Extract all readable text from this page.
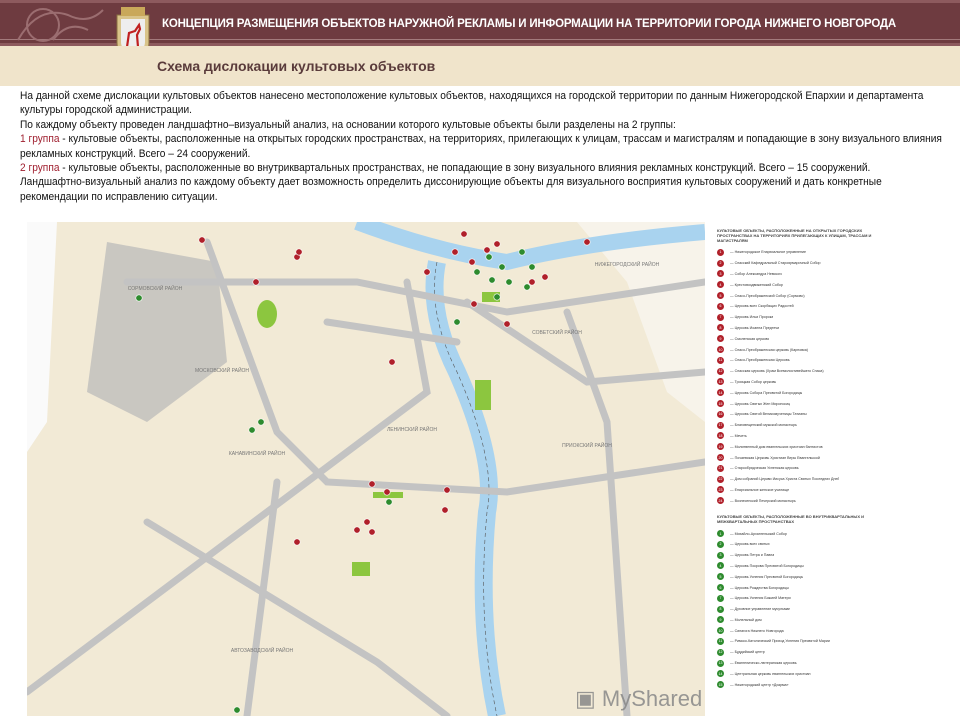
КОНЦЕПЦИЯ РАЗМЕЩЕНИЯ ОБЪЕКТОВ НАРУЖНОЙ РЕКЛАМЫ И ИНФОРМАЦИИ НА ТЕРРИТОРИИ ГОРОДА НИЖНЕГО НОВГОРОДА
Схема дислокации культовых объектов
На данной схеме дислокации культовых объектов нанесено местоположение культовых объектов, находящихся на городской территории по данным Нижегородской Епархии и департамента культуры городской администрации.
По каждому объекту проведен ландшафтно–визуальный анализ, на основании которого культовые объекты были разделены на 2 группы:
1 группа - культовые объекты, расположенные на открытых городских пространствах, на территориях, прилегающих к улицам, трассам и магистралям и попадающие в зону визуального влияния рекламных конструкций. Всего – 24 сооружений.
2 группа - культовые объекты, расположенные во внутриквартальных пространствах, не попадающие в зону визуального влияния рекламных конструкций. Всего – 15 сооружений.
Ландшафтно-визуальный анализ по каждому объекту дает возможность определить диссонирующие объекты для визуального восприятия культовых сооружений и дать конкретные рекомендации по исправлению ситуации.
СОРМОВСКИЙ РАЙОН
МОСКОВСКИЙ РАЙОН
КАНАВИНСКИЙ РАЙОН
ЛЕНИНСКИЙ РАЙОН
АВТОЗАВОДСКИЙ РАЙОН
НИЖЕГОРОДСКИЙ РАЙОН
СОВЕТСКИЙ РАЙОН
ПРИОКСКИЙ РАЙОН
КУЛЬТОВЫЕ ОБЪЕКТЫ, РАСПОЛОЖЕННЫЕ НА ОТКРЫТЫХ ГОРОДСКИХ ПРОСТРАНСТВАХ НА ТЕРРИТОРИЯХ ПРИЛЕГАЮЩИХ К УЛИЦАМ, ТРАССАМ И МАГИСТРАЛЯМ
1	— Нижегородское Епархиальное управление
2	— Спасский Кафедральный Староярмарочный Собор
3	— Собор Александра Невского
4	— Крестовоздвиженский Собор
5	— Спасо-Преображенский Собор (Сормово)
6	— Церковь всех Скорбящих Радостей
7	— Церковь Ильи Пророка
8	— Церковь Иоанна Предтечи
9	— Смоленская церковь
10	— Спасо-Преображенская церковь (Карповка)
11	— Спасо-Преображенская Церковь
12	— Спасская церковь (Храм Всемилостивейшего Спаса)
13	— Троицкая Собор церковь
14	— Церковь Собора Пресвятой Богородицы
15	— Церковь Святых Жен Мироносиц
16	— Церковь Святой Великомученицы Татианы
17	— Благовещенский мужской монастырь
18	— Мечеть
19	— Молитвенный дом евангельских христиан баптистов
20	— Почаевская Церковь Христиан Веры Евангельской
21	— Старообрядческая Успенская церковь
22	— Дом собраний Церкви Иисуса Христа Святых Последних Дней
23	— Епархиальное женское училище
24	— Вознесенский Печерский монастырь
КУЛЬТОВЫЕ ОБЪЕКТЫ, РАСПОЛОЖЕННЫЕ ВО ВНУТРИКВАРТАЛЬНЫХ И МЕЖКВАРТАЛЬНЫХ ПРОСТРАНСТВАХ
1	— Михайло-Архангельский Собор
2	— Церковь всех святых
3	— Церковь Петра и Павла
4	— Церковь Покрова Пресвятой Богородицы
5	— Церковь Успения Пресвятой Богородицы
6	— Церковь Рождества Богородицы
7	— Церковь Успения Божией Матери
8	— Духовное управление мусульман
9	— Молельный дом
10	— Синагога Нижнего Новгорода
11	— Римско-Католический Приход Успения Пресвятой Марии
12	— Буддийский центр
13	— Евангелическо-лютеранская церковь
14	— Центральная церковь евангельских христиан
15	— Нижегородский центр «Дхарма»
▣ MyShared
